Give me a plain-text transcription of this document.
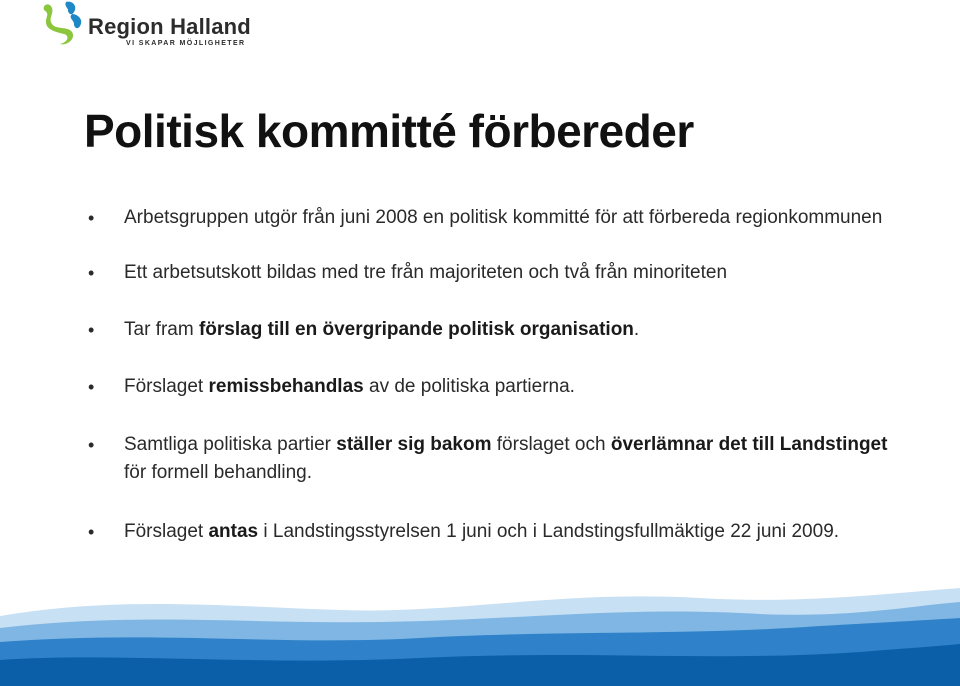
Region Halland
VI SKAPAR MÖJLIGHETER
Politisk kommitté förbereder
• Arbetsgruppen utgör från juni 2008 en politisk kommitté för att förbereda regionkommunen
• Ett arbetsutskott bildas med tre från majoriteten och två från minoriteten
• Tar fram förslag till en övergripande politisk organisation.
• Förslaget remissbehandlas av de politiska partierna.
• Samtliga politiska partier ställer sig bakom förslaget och överlämnar det till Landstinget för formell behandling.
• Förslaget antas i Landstingsstyrelsen 1 juni och i Landstingsfullmäktige 22 juni 2009.
